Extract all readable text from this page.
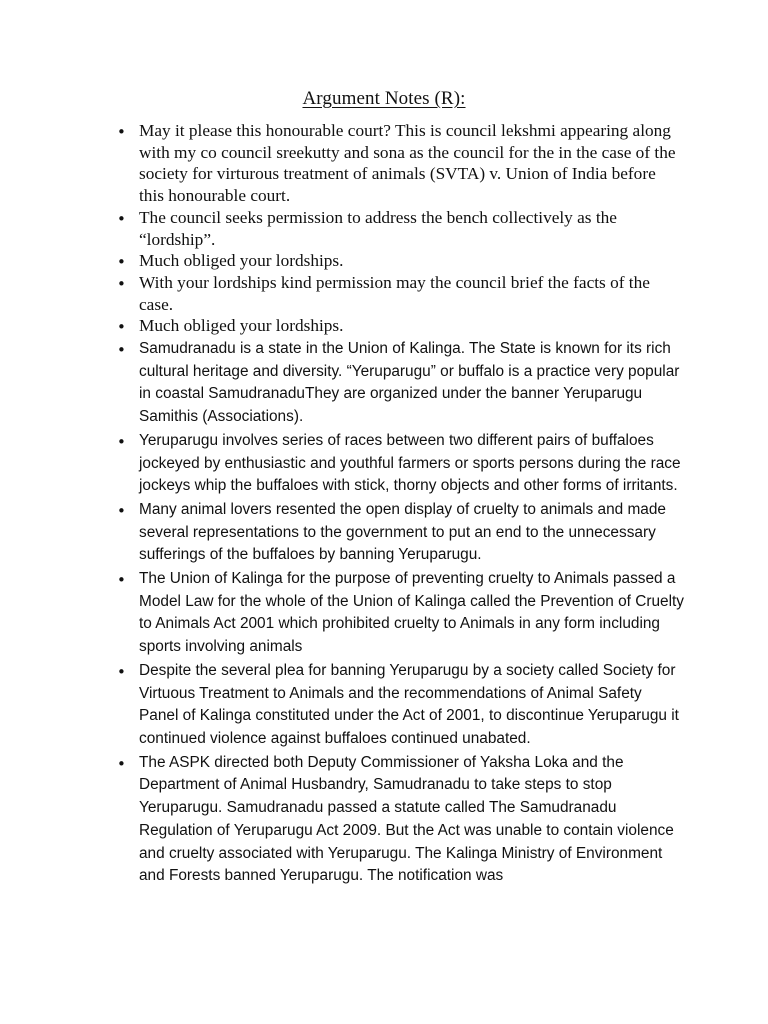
Argument Notes (R):
• May it please this honourable court? This is council lekshmi appearing along with my co council sreekutty and sona as the council for the in the case of the society for virturous treatment of animals (SVTA) v. Union of India before this honourable court.
• The council seeks permission to address the bench collectively as the “lordship”.
• Much obliged your lordships.
• With your lordships kind permission may the council brief the facts of the case.
• Much obliged your lordships.
• Samudranadu is a state in the Union of Kalinga. The State is known for its rich cultural heritage and diversity. “Yeruparugu” or buffalo is a practice very popular in coastal SamudranaduThey are organized under the banner Yeruparugu Samithis (Associations).
• Yeruparugu involves series of races between two different pairs of buffaloes jockeyed by enthusiastic and youthful farmers or sports persons during the race jockeys whip the buffaloes with stick, thorny objects and other forms of irritants.
• Many animal lovers resented the open display of cruelty to animals and made several representations to the government to put an end to the unnecessary sufferings of the buffaloes by banning Yeruparugu.
• The Union of Kalinga for the purpose of preventing cruelty to Animals passed a Model Law for the whole of the Union of Kalinga called the Prevention of Cruelty to Animals Act 2001 which prohibited cruelty to Animals in any form including sports involving animals
• Despite the several plea for banning Yeruparugu by a society called Society for Virtuous Treatment to Animals and the recommendations of Animal Safety Panel of Kalinga constituted under the Act of 2001, to discontinue Yeruparugu it continued violence against buffaloes continued unabated.
• The ASPK directed both Deputy Commissioner of Yaksha Loka and the Department of Animal Husbandry, Samudranadu to take steps to stop Yeruparugu. Samudranadu passed a statute called The Samudranadu Regulation of Yeruparugu Act 2009. But the Act was unable to contain violence and cruelty associated with Yeruparugu. The Kalinga Ministry of Environment and Forests banned Yeruparugu. The notification was
